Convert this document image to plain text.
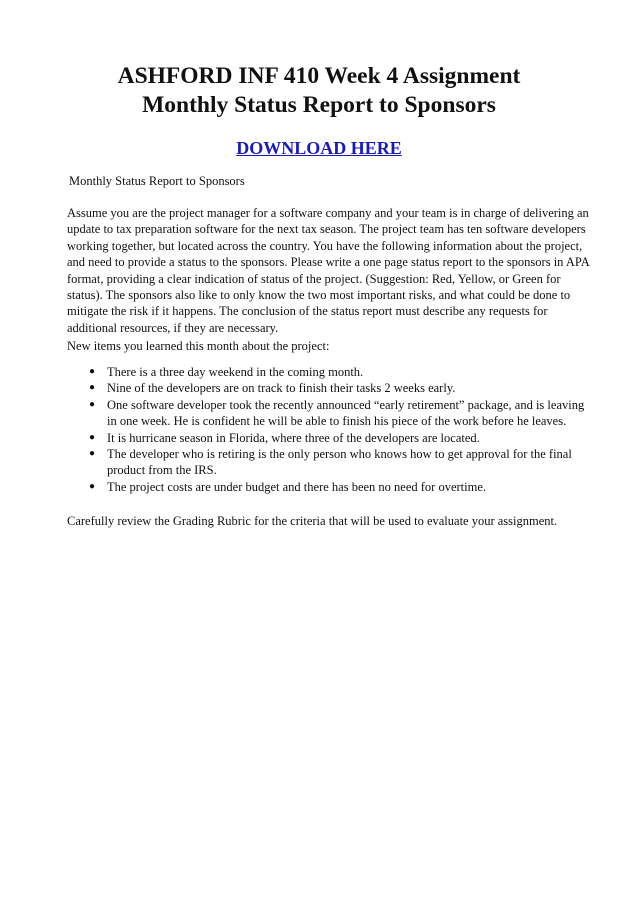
ASHFORD INF 410 Week 4 Assignment
Monthly Status Report to Sponsors
DOWNLOAD HERE
Monthly Status Report to Sponsors

Assume you are the project manager for a software company and your team is in charge of delivering an update to tax preparation software for the next tax season. The project team has ten software developers working together, but located across the country. You have the following information about the project, and need to provide a status to the sponsors. Please write a one page status report to the sponsors in APA format, providing a clear indication of status of the project. (Suggestion: Red, Yellow, or Green for status). The sponsors also like to only know the two most important risks, and what could be done to mitigate the risk if it happens. The conclusion of the status report must describe any requests for additional resources, if they are necessary.

New items you learned this month about the project:

● There is a three day weekend in the coming month.
● Nine of the developers are on track to finish their tasks 2 weeks early.
● One software developer took the recently announced “early retirement” package, and is leaving in one week. He is confident he will be able to finish his piece of the work before he leaves.
● It is hurricane season in Florida, where three of the developers are located.
● The developer who is retiring is the only person who knows how to get approval for the final product from the IRS.
● The project costs are under budget and there has been no need for overtime.

Carefully review the Grading Rubric for the criteria that will be used to evaluate your assignment.
